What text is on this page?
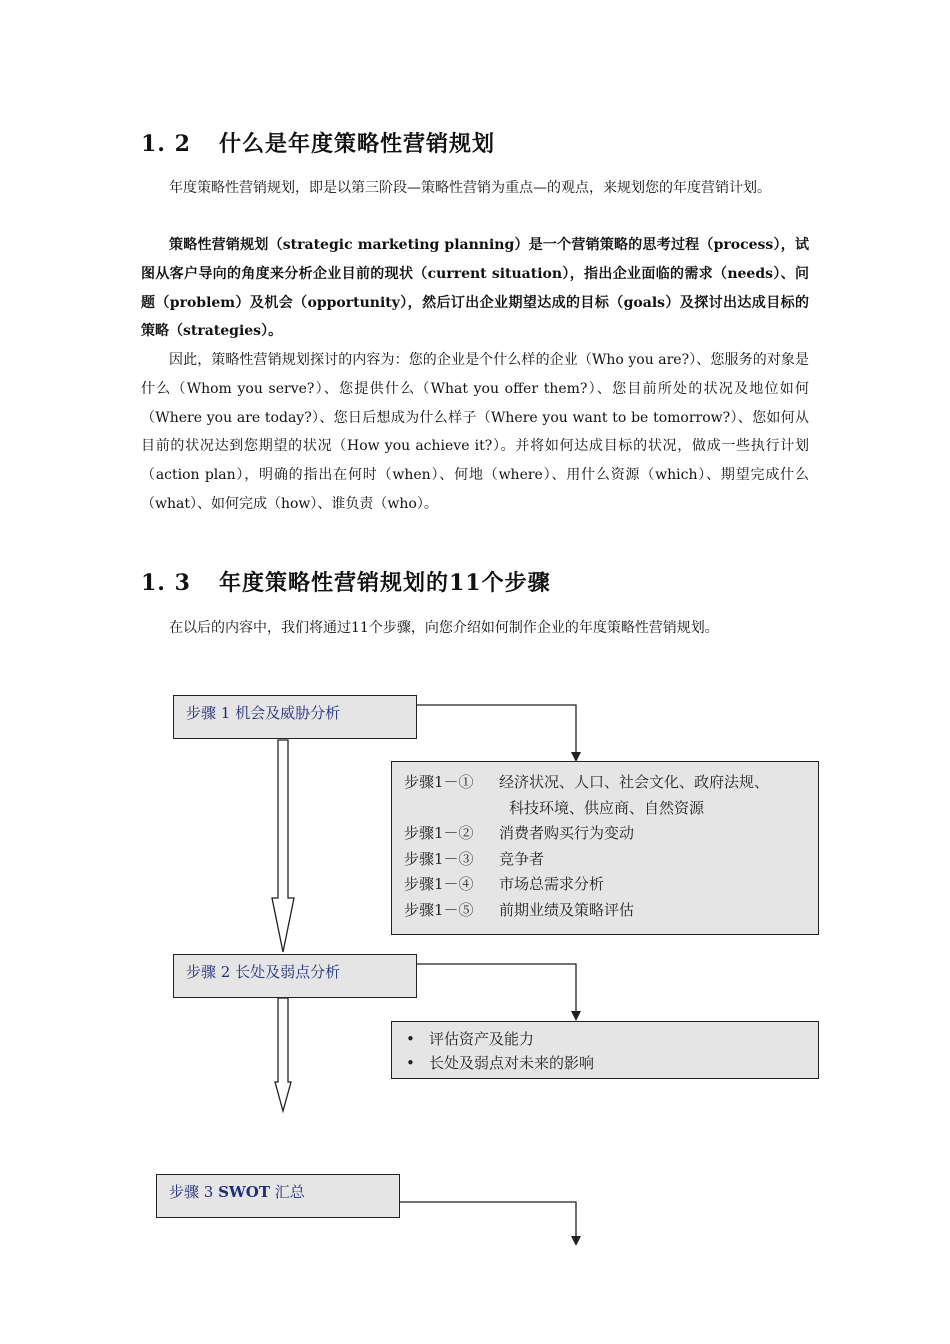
1. 2 什么是年度策略性营销规划

年度策略性营销规划，即是以第三阶段—策略性营销为重点—的观点，来规划您的年度营销计划。

策略性营销规划（strategic marketing planning）是一个营销策略的思考过程（process），试图从客户导向的角度来分析企业目前的现状（current situation），指出企业面临的需求（needs）、问题（problem）及机会（opportunity），然后订出企业期望达成的目标（goals）及探讨出达成目标的策略（strategies）。

因此，策略性营销规划探讨的内容为：您的企业是个什么样的企业（Who you are?）、您服务的对象是什么（Whom you serve?）、您提供什么（What you offer them?）、您目前所处的状况及地位如何（Where you are today?）、您日后想成为什么样子（Where you want to be tomorrow?）、您如何从目前的状况达到您期望的状况（How you achieve it?）。并将如何达成目标的状况，做成一些执行计划（action plan），明确的指出在何时（when）、何地（where）、用什么资源（which）、期望完成什么（what）、如何完成（how）、谁负责（who）。

1. 3 年度策略性营销规划的11个步骤

在以后的内容中，我们将通过11个步骤，向您介绍如何制作企业的年度策略性营销规划。

步骤 1 机会及威胁分析
步骤1－① 经济状况、人口、社会文化、政府法规、
科技环境、供应商、自然资源
步骤1－② 消费者购买行为变动
步骤1－③ 竞争者
步骤1－④ 市场总需求分析
步骤1－⑤ 前期业绩及策略评估
步骤 2 长处及弱点分析
• 评估资产及能力
• 长处及弱点对未来的影响
步骤 3 SWOT 汇总
